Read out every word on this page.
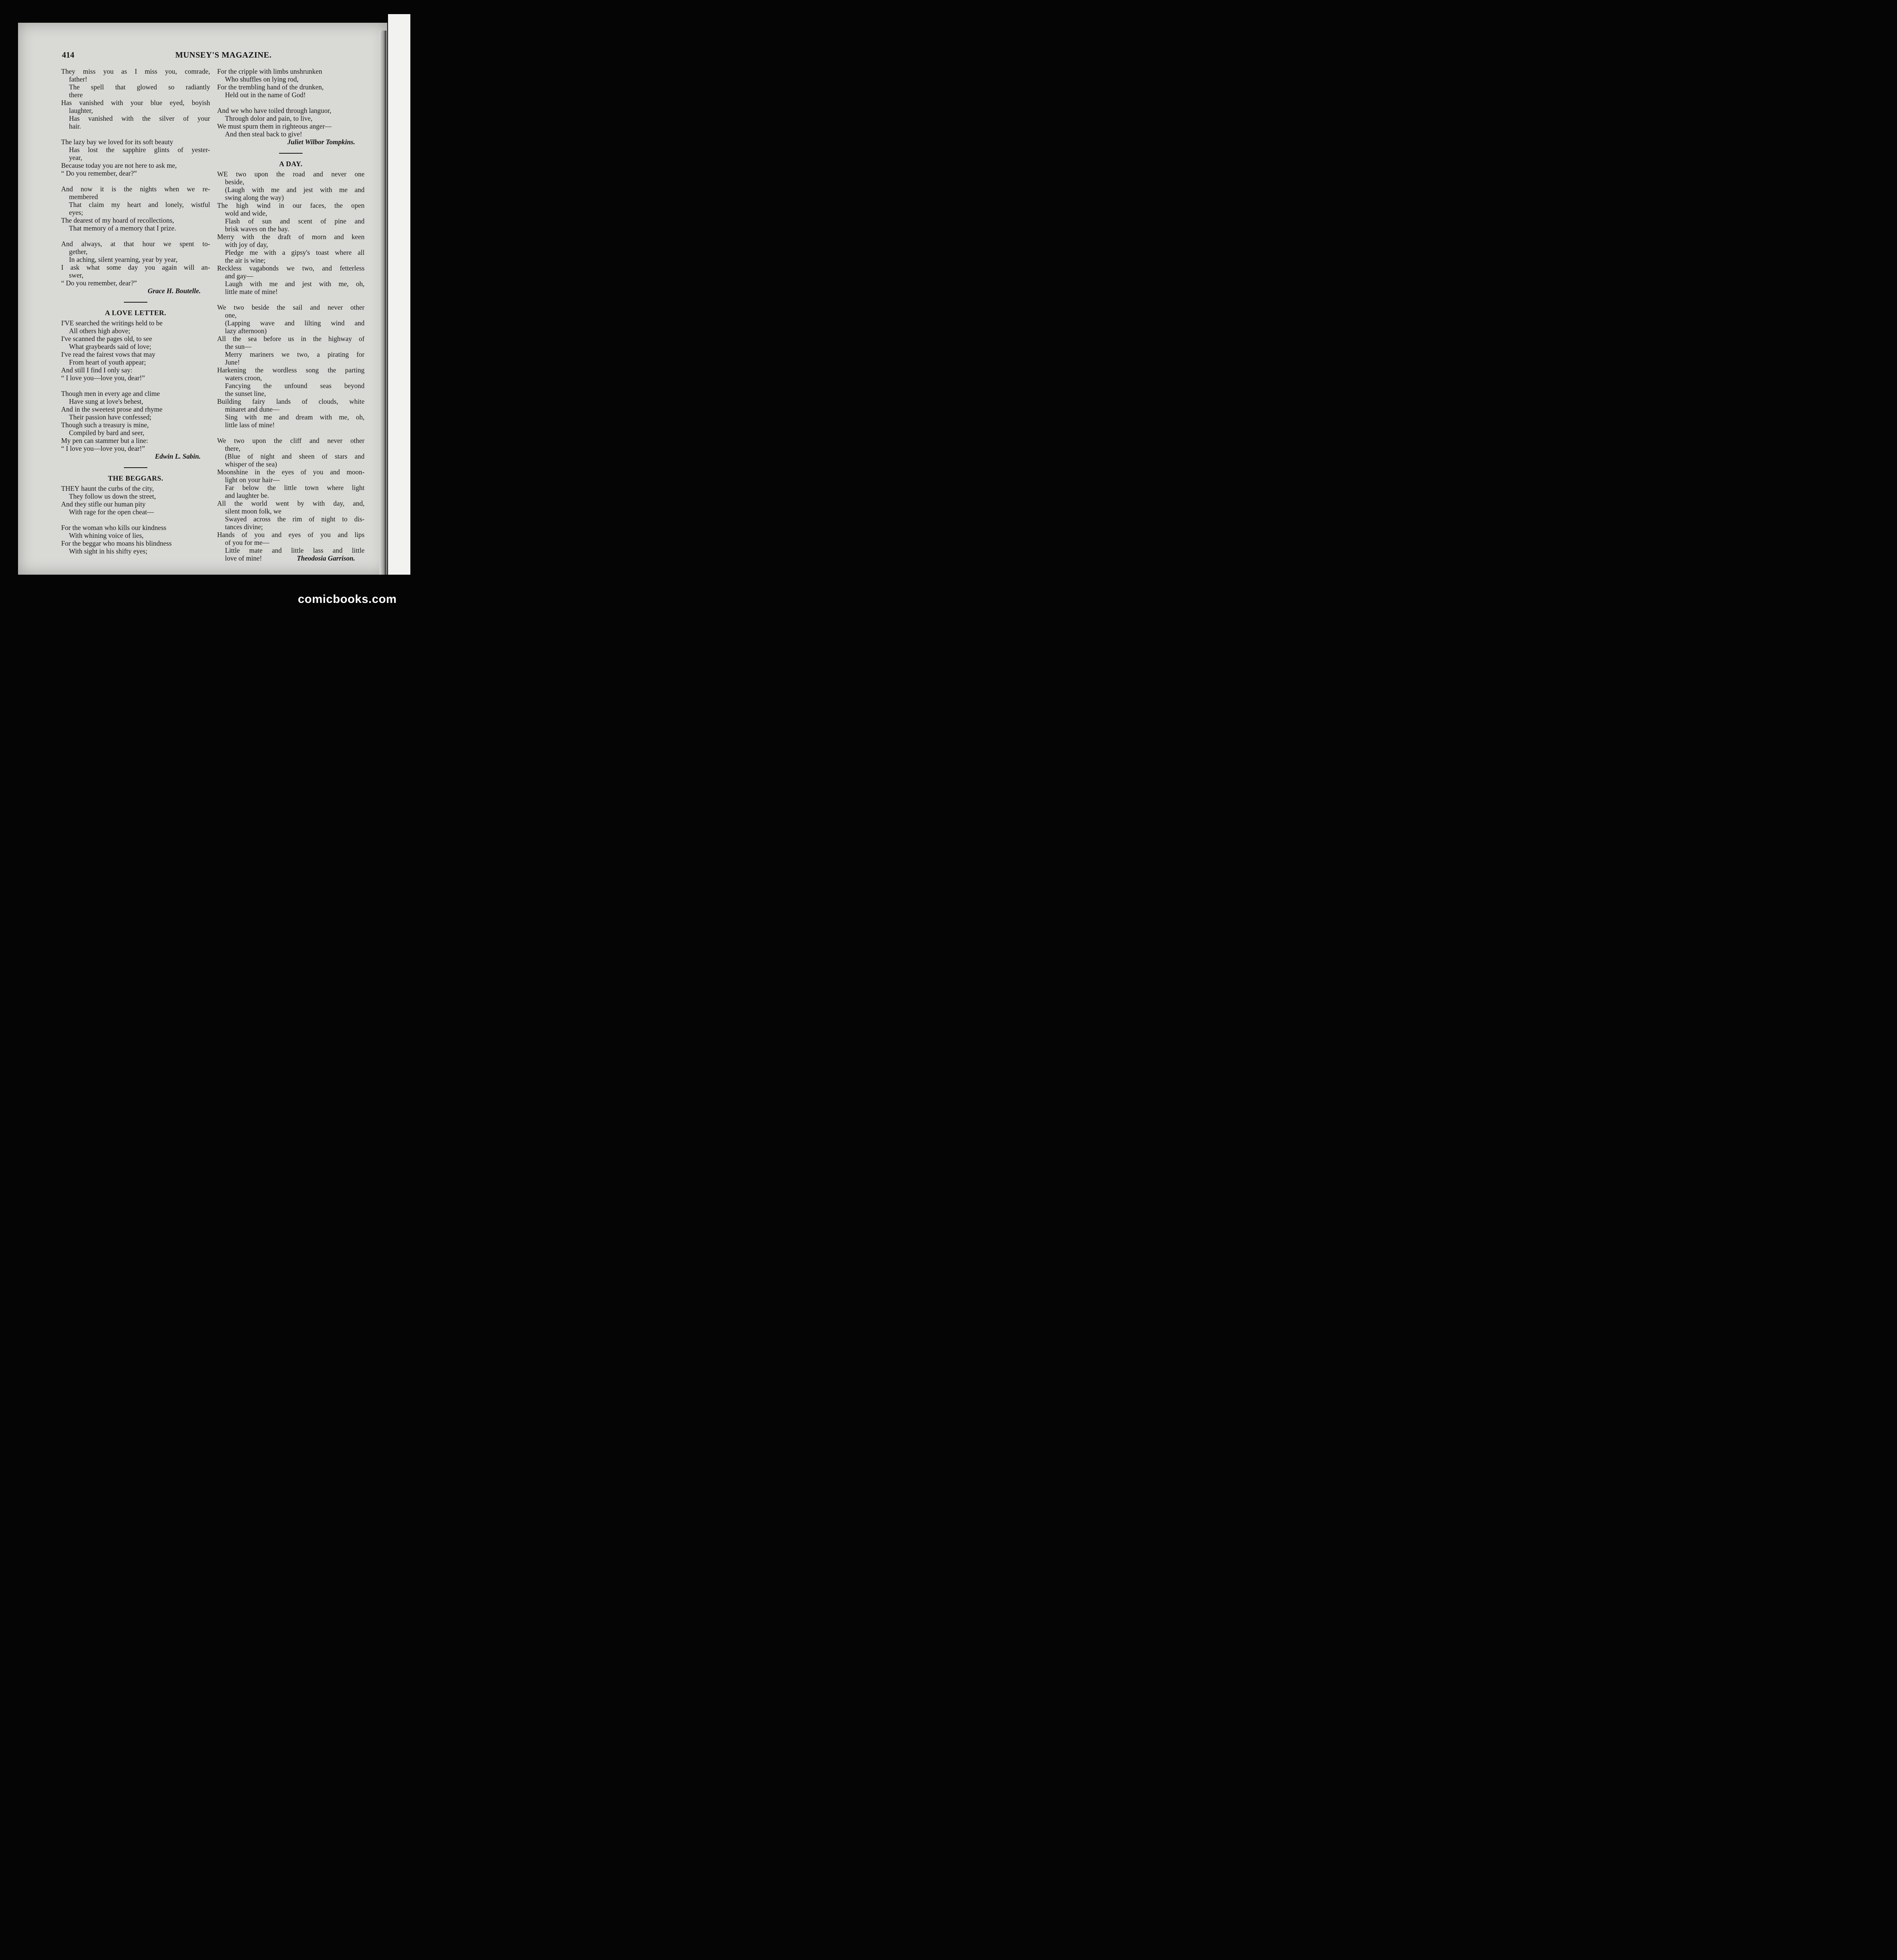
414	MUNSEY'S MAGAZINE.
They miss you as I miss you, comrade,
father!
The spell that glowed so radiantly
there
Has vanished with your blue eyed, boyish
laughter,
Has vanished with the silver of your
hair.
The lazy bay we loved for its soft beauty
Has lost the sapphire glints of yester-
year,
Because today you are not here to ask me,
“ Do you remember, dear?”
And now it is the nights when we re-
membered
That claim my heart and lonely, wistful
eyes;
The dearest of my hoard of recollections,
That memory of a memory that I prize.
And always, at that hour we spent to-
gether,
In aching, silent yearning, year by year,
I ask what some day you again will an-
swer,
“ Do you remember, dear?”
Grace H. Boutelle.
A LOVE LETTER.
I'VE searched the writings held to be
All others high above;
I've scanned the pages old, to see
What graybeards said of love;
I've read the fairest vows that may
From heart of youth appear;
And still I find I only say:
“ I love you—love you, dear!”
Though men in every age and clime
Have sung at love's behest,
And in the sweetest prose and rhyme
Their passion have confessed;
Though such a treasury is mine,
Compiled by bard and seer,
My pen can stammer but a line:
“ I love you—love you, dear!”
Edwin L. Sabin.
THE BEGGARS.
THEY haunt the curbs of the city,
They follow us down the street,
And they stifle our human pity
With rage for the open cheat—
For the woman who kills our kindness
With whining voice of lies,
For the beggar who moans his blindness
With sight in his shifty eyes;
For the cripple with limbs unshrunken
Who shuffles on lying rod,
For the trembling hand of the drunken,
Held out in the name of God!
And we who have toiled through languor,
Through dolor and pain, to live,
We must spurn them in righteous anger—
And then steal back to give!
Juliet Wilbor Tompkins.
A DAY.
WE two upon the road and never one
beside,
(Laugh with me and jest with me and
swing along the way)
The high wind in our faces, the open
wold and wide,
Flash of sun and scent of pine and
brisk waves on the bay.
Merry with the draft of morn and keen
with joy of day,
Pledge me with a gipsy's toast where all
the air is wine;
Reckless vagabonds we two, and fetterless
and gay—
Laugh with me and jest with me, oh,
little mate of mine!
We two beside the sail and never other
one,
(Lapping wave and lilting wind and
lazy afternoon)
All the sea before us in the highway of
the sun—
Merry mariners we two, a pirating for
June!
Harkening the wordless song the parting
waters croon,
Fancying the unfound seas beyond
the sunset line,
Building fairy lands of clouds, white
minaret and dune—
Sing with me and dream with me, oh,
little lass of mine!
We two upon the cliff and never other
there,
(Blue of night and sheen of stars and
whisper of the sea)
Moonshine in the eyes of you and moon-
light on your hair—
Far below the little town where light
and laughter be.
All the world went by with day, and,
silent moon folk, we
Swayed across the rim of night to dis-
tances divine;
Hands of you and eyes of you and lips
of you for me—
Little mate and little lass and little
love of mine!	Theodosia Garrison.
comicbooks.com
